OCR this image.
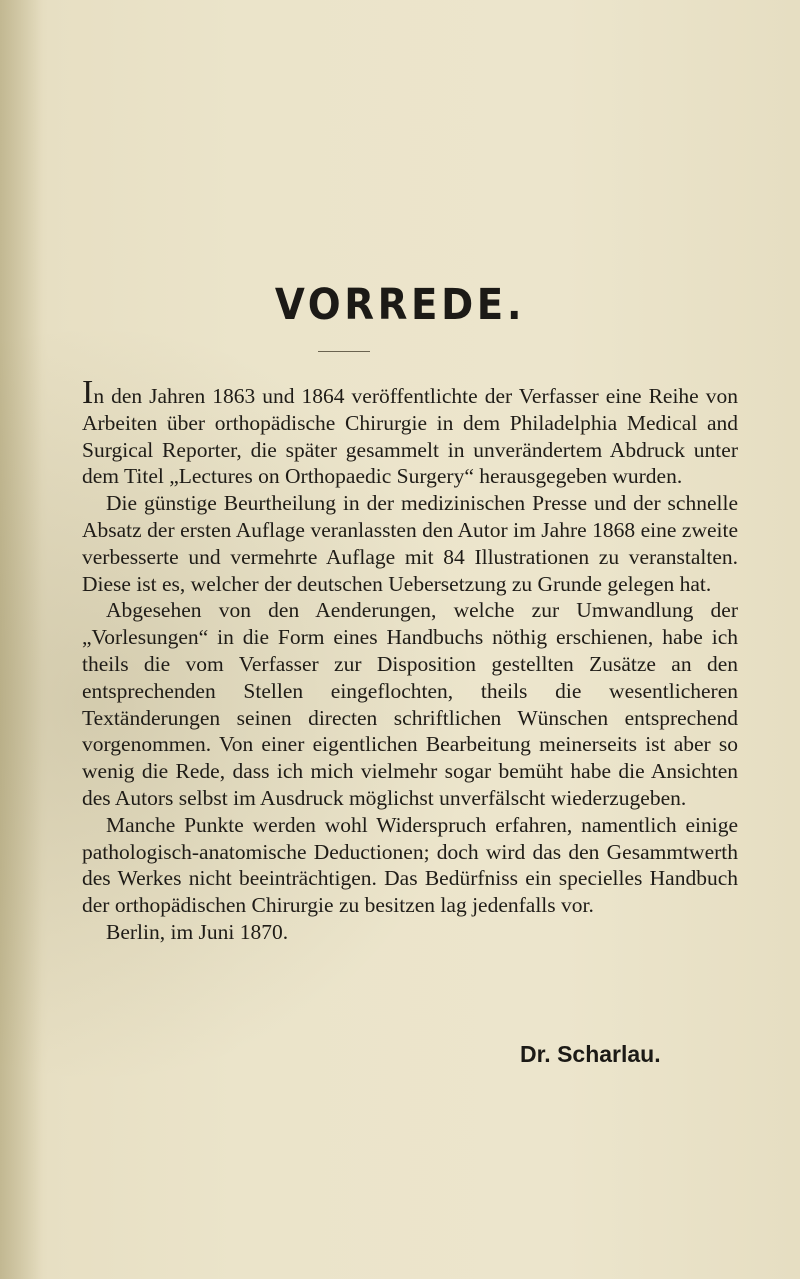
VORREDE.

In den Jahren 1863 und 1864 veröffentlichte der Verfasser eine Reihe von Arbeiten über orthopädische Chirurgie in dem Philadelphia Medical and Surgical Reporter, die später gesammelt in unverändertem Abdruck unter dem Titel „Lectures on Orthopaedic Surgery“ herausgegeben wurden.

Die günstige Beurtheilung in der medizinischen Presse und der schnelle Absatz der ersten Auflage veranlassten den Autor im Jahre 1868 eine zweite verbesserte und vermehrte Auflage mit 84 Illustrationen zu veranstalten. Diese ist es, welcher der deutschen Uebersetzung zu Grunde gelegen hat.

Abgesehen von den Aenderungen, welche zur Umwandlung der „Vorlesungen“ in die Form eines Handbuchs nöthig erschienen, habe ich theils die vom Verfasser zur Disposition gestellten Zusätze an den entsprechenden Stellen eingeflochten, theils die wesentlicheren Textänderungen seinen directen schriftlichen Wünschen entsprechend vorgenommen. Von einer eigentlichen Bearbeitung meinerseits ist aber so wenig die Rede, dass ich mich vielmehr sogar bemüht habe die Ansichten des Autors selbst im Ausdruck möglichst unverfälscht wiederzugeben.

Manche Punkte werden wohl Widerspruch erfahren, namentlich einige pathologisch-anatomische Deductionen; doch wird das den Gesammtwerth des Werkes nicht beeinträchtigen. Das Bedürfniss ein specielles Handbuch der orthopädischen Chirurgie zu besitzen lag jedenfalls vor.

Berlin, im Juni 1870.

Dr. Scharlau.
